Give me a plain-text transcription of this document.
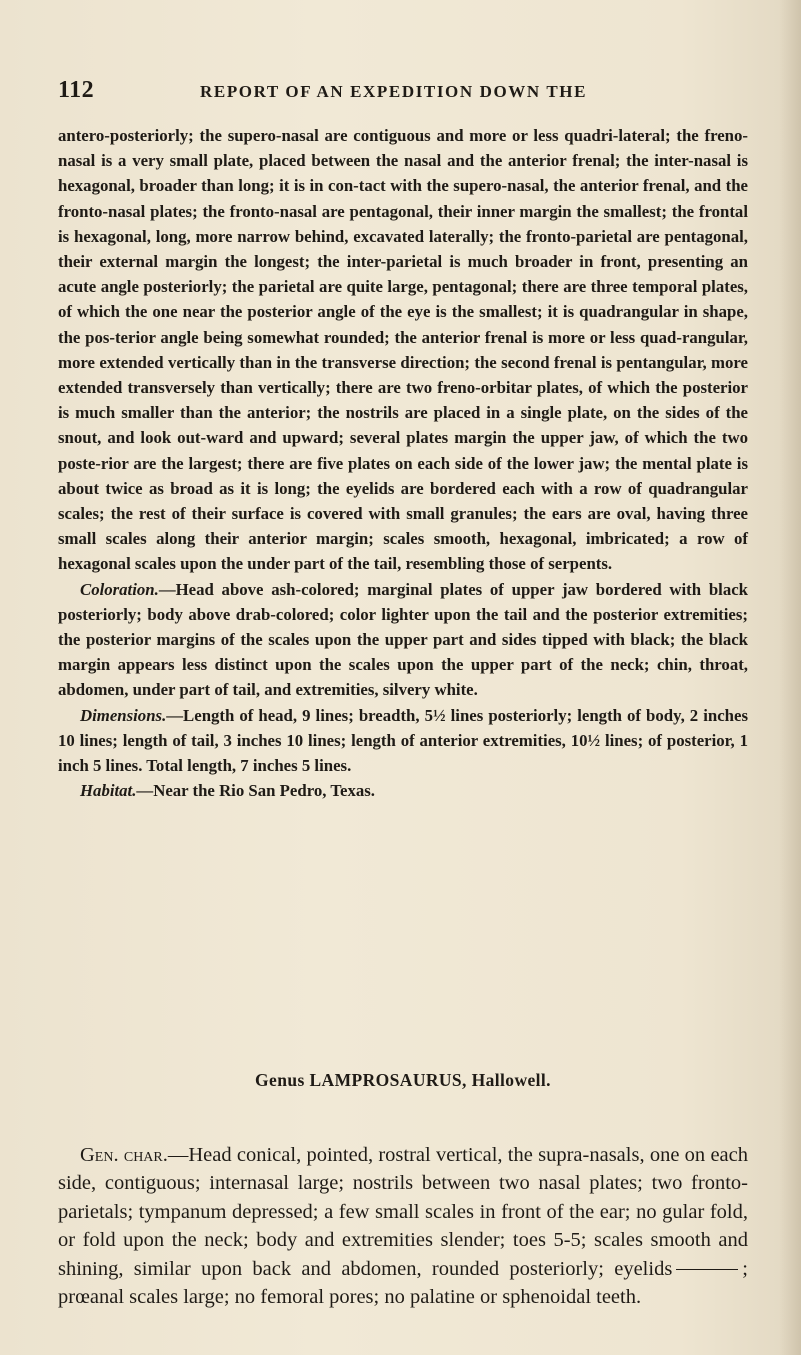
112	REPORT OF AN EXPEDITION DOWN THE

antero-posteriorly; the supero-nasal are contiguous and more or less quadri-lateral; the freno-nasal is a very small plate, placed between the nasal and the anterior frenal; the inter-nasal is hexagonal, broader than long; it is in con-tact with the supero-nasal, the anterior frenal, and the fronto-nasal plates; the fronto-nasal are pentagonal, their inner margin the smallest; the frontal is hexagonal, long, more narrow behind, excavated laterally; the fronto-parietal are pentagonal, their external margin the longest; the inter-parietal is much broader in front, presenting an acute angle posteriorly; the parietal are quite large, pentagonal; there are three temporal plates, of which the one near the posterior angle of the eye is the smallest; it is quadrangular in shape, the pos-terior angle being somewhat rounded; the anterior frenal is more or less quad-rangular, more extended vertically than in the transverse direction; the second frenal is pentangular, more extended transversely than vertically; there are two freno-orbitar plates, of which the posterior is much smaller than the anterior; the nostrils are placed in a single plate, on the sides of the snout, and look out-ward and upward; several plates margin the upper jaw, of which the two poste-rior are the largest; there are five plates on each side of the lower jaw; the mental plate is about twice as broad as it is long; the eyelids are bordered each with a row of quadrangular scales; the rest of their surface is covered with small granules; the ears are oval, having three small scales along their anterior margin; scales smooth, hexagonal, imbricated; a row of hexagonal scales upon the under part of the tail, resembling those of serpents.

Coloration.—Head above ash-colored; marginal plates of upper jaw bordered with black posteriorly; body above drab-colored; color lighter upon the tail and the posterior extremities; the posterior margins of the scales upon the upper part and sides tipped with black; the black margin appears less distinct upon the scales upon the upper part of the neck; chin, throat, abdomen, under part of tail, and extremities, silvery white.

Dimensions.—Length of head, 9 lines; breadth, 5½ lines posteriorly; length of body, 2 inches 10 lines; length of tail, 3 inches 10 lines; length of anterior extremities, 10½ lines; of posterior, 1 inch 5 lines. Total length, 7 inches 5 lines.

Habitat.—Near the Rio San Pedro, Texas.

Genus LAMPROSAURUS, Hallowell.

Gen. char.—Head conical, pointed, rostral vertical, the supra-nasals, one on each side, contiguous; internasal large; nostrils between two nasal plates; two fronto-parietals; tympanum depressed; a few small scales in front of the ear; no gular fold, or fold upon the neck; body and extremities slender; toes 5-5; scales smooth and shining, similar upon back and abdomen, rounded posteriorly; eyelids	; prœanal scales large; no femoral pores; no palatine or sphenoidal teeth.
